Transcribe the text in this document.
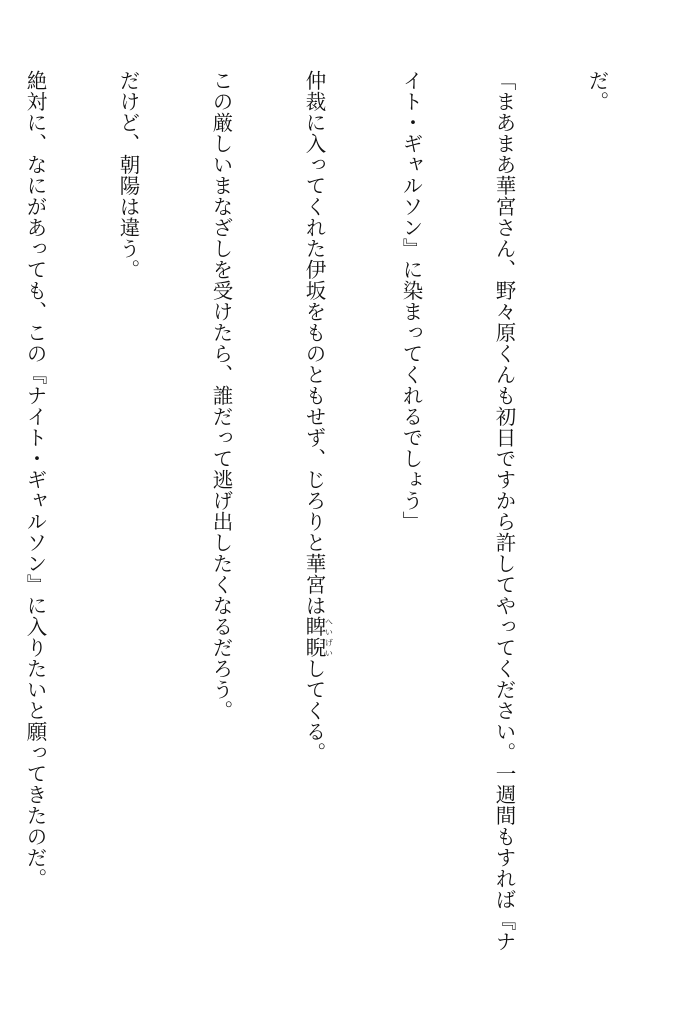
だ。

「まあまあ華宮さん、野々原くんも初日ですから許してやってください。一週間もすれば『ナ

イト・ギャルソン』に染まってくれるでしょう」

仲裁に入ってくれた伊坂をものともせず、じろりと華宮は睥睨へいげいしてくる。

この厳しいまなざしを受けたら、誰だって逃げ出したくなるだろう。

だけど、朝陽は違う。

絶対に、なにがあっても、この『ナイト・ギャルソン』に入りたいと願ってきたのだ。
